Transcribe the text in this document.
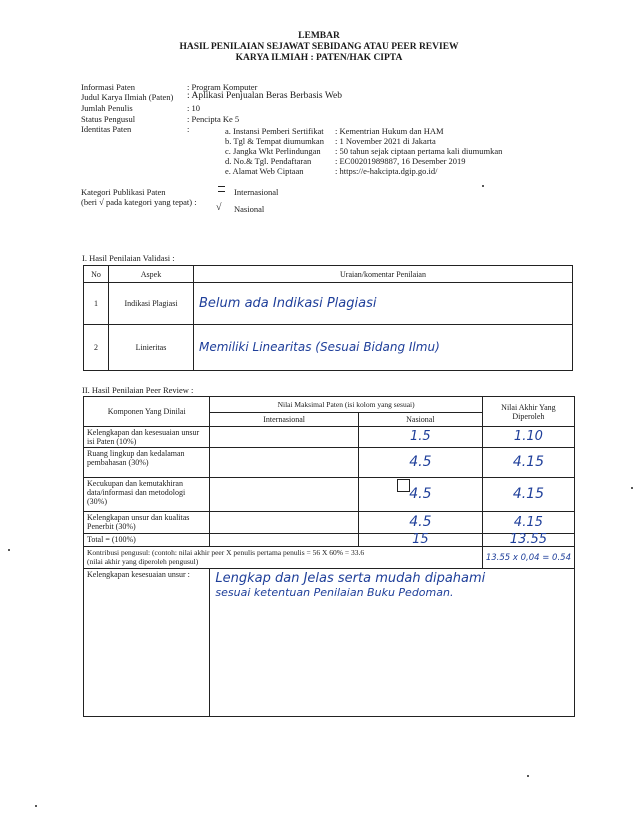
LEMBAR
HASIL PENILAIAN SEJAWAT SEBIDANG ATAU PEER REVIEW
KARYA ILMIAH : PATEN/HAK CIPTA
Informasi Paten	: Program Komputer
Judul Karya Ilmiah (Paten) : Aplikasi Penjualan Beras Berbasis Web
Jumlah Penulis	: 10
Status Pengusul	: Pencipta Ke 5
Identitas Paten	:	a. Instansi Pemberi Sertifikat : Kementrian Hukum dan HAM
b. Tgl & Tempat diumumkan : 1 November 2021 di Jakarta
c. Jangka Wkt Perlindungan : 50 tahun sejak ciptaan pertama kali diumumkan
d. No.& Tgl. Pendaftaran	: EC00201989887, 16 Desember 2019
e. Alamat Web Ciptaan	: https://e-hakcipta.dgip.go.id/
Kategori Publikasi Paten
(beri √ pada kategori yang tepat) :
Internasional
√ Nasional
I. Hasil Penilaian Validasi :
No	Aspek	Uraian/komentar Penilaian
1	Indikasi Plagiasi	Belum ada Indikasi Plagiasi
2	Linieritas	Memiliki Linearitas (Sesuai Bidang Ilmu)
II. Hasil Penilaian Peer Review :
Komponen Yang Dinilai	Nilai Maksimal Paten (isi kolom yang sesuai)		Nilai Akhir Yang Diperoleh
	Internasional	Nasional	
Kelengkapan dan kesesuaian unsur isi Paten (10%)		1.5	1.10
Ruang lingkup dan kedalaman pembahasan (30%)		4.5	4.15
Kecukupan dan kemutakhiran data/informasi dan metodologi (30%)		4.5	4.15
Kelengkapan unsur dan kualitas Penerbit (30%)		4.5	4.15
Total = (100%)		15	13.55

Kontribusi pengusul: (contoh: nilai akhir peer X penulis pertama penulis = 56 X 60% = 33.6
(nilai akhir yang diperoleh pengusul)			13.55 x 0,04 = 0.54
Kelengkapan kesesuaian unsur :	Lengkap dan Jelas serta mudah dipahami
sesuai ketentuan Penilaian Buku Pedoman.		
